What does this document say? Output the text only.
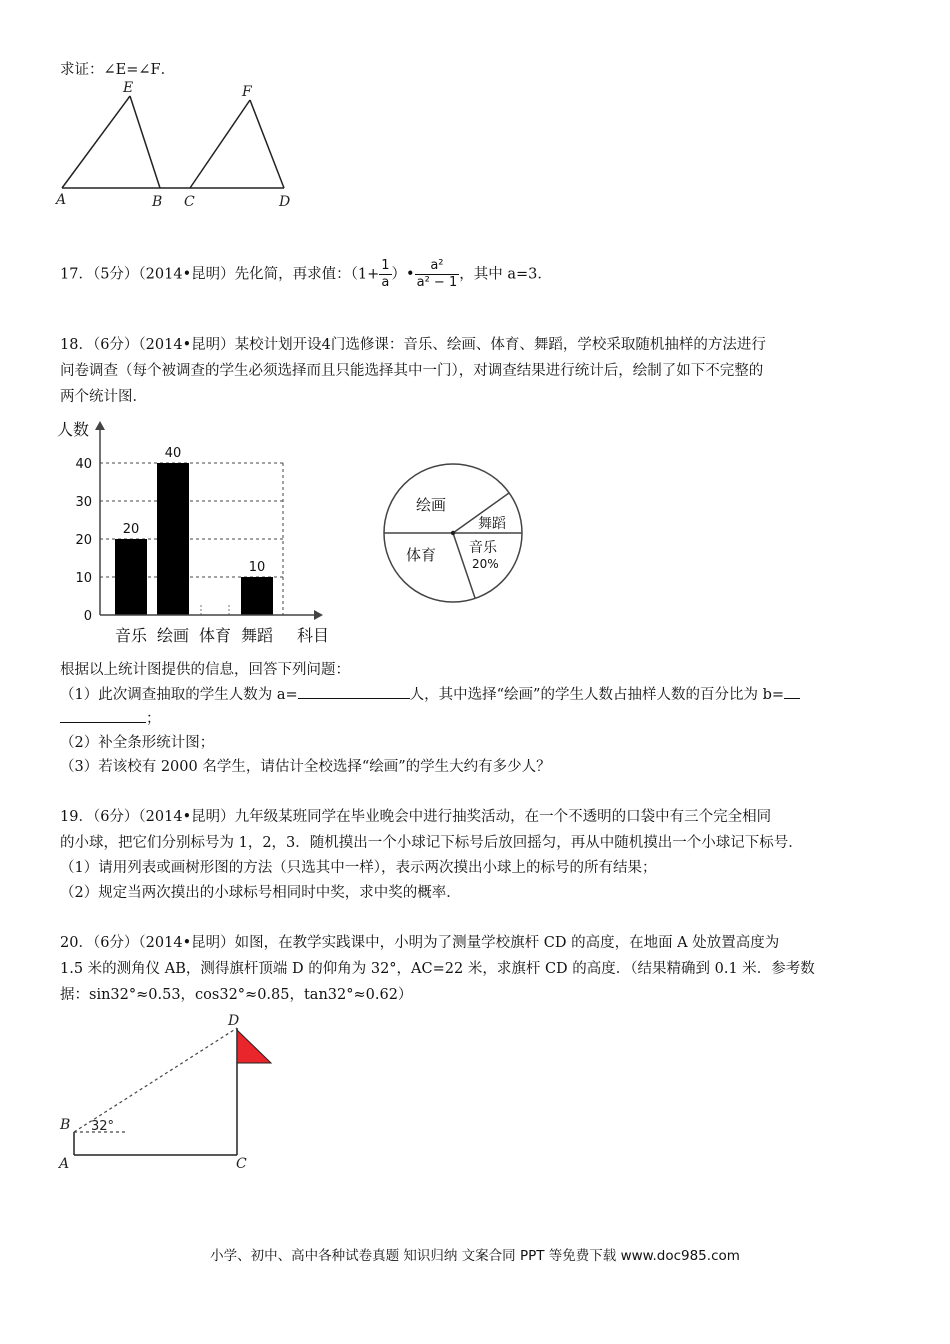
求证：∠E=∠F．
A	B C	D
E	F
17．（5分）（2014•昆明）先化简，再求值：（$1+ \frac{1}{a}$ ）• $\frac{\text{a²}}{\text{a² − 1}}$ ，其中 a=3．
18．（6分）（2014•昆明）某校计划开设4门选修课：音乐、绘画、体育、舞蹈，学校采取随机抽样的方法进行
问卷调查（每个被调查的学生必须选择而且只能选择其中一门），对调查结果进行统计后，绘制了如下不完整的
两个统计图．
人数
20
40
10
0
10
20
30
40
音乐 绘画 体育 舞蹈 科目
绘画
舞蹈
音乐
20%
体育
根据以上统计图提供的信息，回答下列问题：
（1）此次调查抽取的学生人数为 a=	人，其中选择“绘画”的学生人数占抽样人数的百分比为 b=
；
（2）补全条形统计图；
（3）若该校有 2000 名学生，请估计全校选择“绘画”的学生大约有多少人？
19．（6分）（2014•昆明）九年级某班同学在毕业晚会中进行抽奖活动，在一个不透明的口袋中有三个完全相同
的小球，把它们分别标号为 1，2，3．随机摸出一个小球记下标号后放回摇匀，再从中随机摸出一个小球记下标号．
（1）请用列表或画树形图的方法（只选其中一样），表示两次摸出小球上的标号的所有结果；
（2）规定当两次摸出的小球标号相同时中奖，求中奖的概率．
20．（6分）（2014•昆明）如图，在教学实践课中，小明为了测量学校旗杆 CD 的高度，在地面 A 处放置高度为
1.5 米的测角仪 AB，测得旗杆顶端 D 的仰角为 32°，AC=22 米，求旗杆 CD 的高度．（结果精确到 0.1 米．参考数
据：sin32°≈0.53，cos32°≈0.85，tan32°≈0.62）
D
B
A	C
32°
小学、初中、高中各种试卷真题 知识归纳 文案合同 PPT 等免费下载 www.doc985.com
